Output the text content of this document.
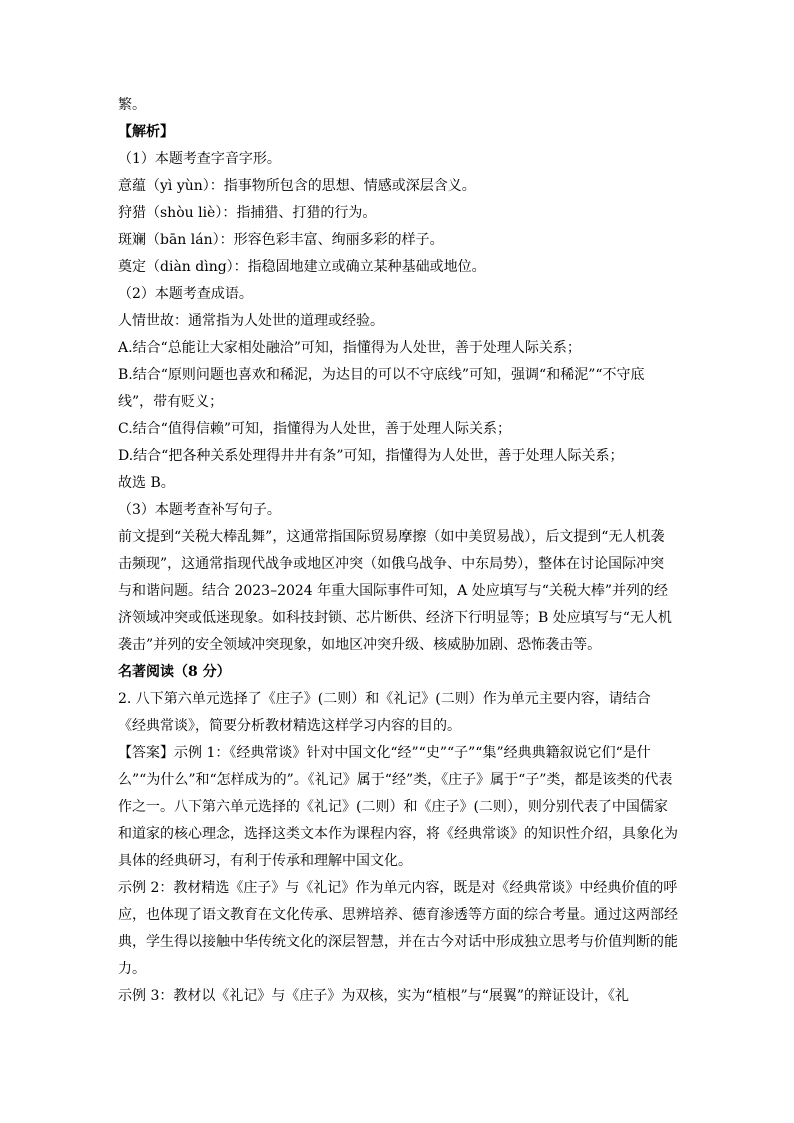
繁。

【解析】

（1）本题考查字音字形。

意蕴（yì yùn）：指事物所包含的思想、情感或深层含义。

狩猎（shòu liè）：指捕猎、打猎的行为。

斑斓（bān lán）：形容色彩丰富、绚丽多彩的样子。

奠定（diàn dìng）：指稳固地建立或确立某种基础或地位。

（2）本题考查成语。

人情世故：通常指为人处世的道理或经验。

A.结合“总能让大家相处融洽”可知，指懂得为人处世，善于处理人际关系；

B.结合“原则问题也喜欢和稀泥，为达目的可以不守底线”可知，强调“和稀泥”“不守底线”，带有贬义；

C.结合“值得信赖”可知，指懂得为人处世，善于处理人际关系；

D.结合“把各种关系处理得井井有条”可知，指懂得为人处世，善于处理人际关系；

故选 B。

（3）本题考查补写句子。

前文提到“关税大棒乱舞”，这通常指国际贸易摩擦（如中美贸易战），后文提到“无人机袭击频现”，这通常指现代战争或地区冲突（如俄乌战争、中东局势），整体在讨论国际冲突与和谐问题。结合 2023–2024 年重大国际事件可知，A 处应填写与“关税大棒”并列的经济领域冲突或低迷现象。如科技封锁、芯片断供、经济下行明显等；B 处应填写与“无人机袭击”并列的安全领域冲突现象，如地区冲突升级、核威胁加剧、恐怖袭击等。

名著阅读（8 分）

2. 八下第六单元选择了《庄子》(二则）和《礼记》(二则）作为单元主要内容，请结合《经典常谈》，简要分析教材精选这样学习内容的目的。

【答案】示例 1：《经典常谈》针对中国文化“经”“史”“子”“集”经典典籍叙说它们“是什么”“为什么”和“怎样成为的”。《礼记》属于“经”类，《庄子》属于“子”类，都是该类的代表作之一。八下第六单元选择的《礼记》(二则）和《庄子》(二则），则分别代表了中国儒家和道家的核心理念，选择这类文本作为课程内容，将《经典常谈》的知识性介绍，具象化为具体的经典研习，有利于传承和理解中国文化。

示例 2：教材精选《庄子》与《礼记》作为单元内容，既是对《经典常谈》中经典价值的呼应，也体现了语文教育在文化传承、思辨培养、德育渗透等方面的综合考量。通过这两部经典，学生得以接触中华传统文化的深层智慧，并在古今对话中形成独立思考与价值判断的能力。

示例 3：教材以《礼记》与《庄子》为双核，实为“植根”与“展翼”的辩证设计，《礼
